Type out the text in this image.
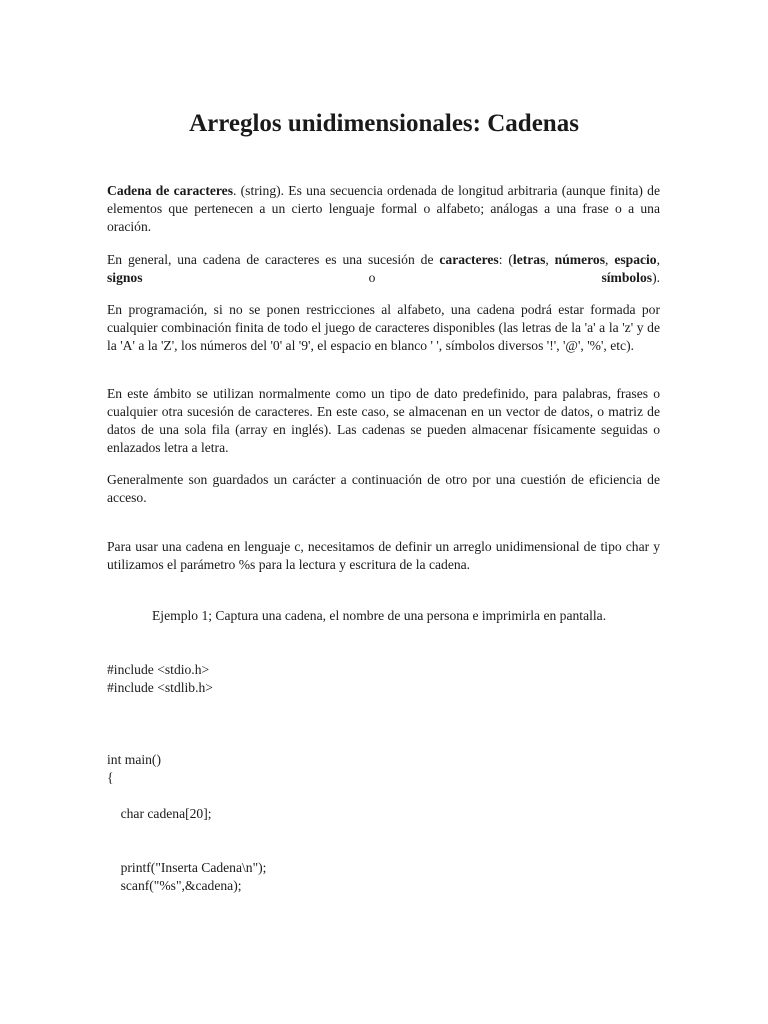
Arreglos unidimensionales: Cadenas

Cadena de caracteres. (string). Es una secuencia ordenada de longitud arbitraria (aunque finita) de elementos que pertenecen a un cierto lenguaje formal o alfabeto; análogas a una frase o a una oración.

En general, una cadena de caracteres es una sucesión de caracteres: (letras, números, espacio, signos o símbolos).

En programación, si no se ponen restricciones al alfabeto, una cadena podrá estar formada por cualquier combinación finita de todo el juego de caracteres disponibles (las letras de la 'a' a la 'z' y de la 'A' a la 'Z', los números del '0' al '9', el espacio en blanco ' ', símbolos diversos '!', '@', '%', etc).

En este ámbito se utilizan normalmente como un tipo de dato predefinido, para palabras, frases o cualquier otra sucesión de caracteres. En este caso, se almacenan en un vector de datos, o matriz de datos de una sola fila (array en inglés). Las cadenas se pueden almacenar físicamente seguidas o enlazados letra a letra.

Generalmente son guardados un carácter a continuación de otro por una cuestión de eficiencia de acceso.

Para usar una cadena en lenguaje c, necesitamos de definir un arreglo unidimensional de tipo char y utilizamos el parámetro %s para la lectura y escritura de la cadena.

Ejemplo 1; Captura una cadena, el nombre de una persona e imprimirla en pantalla.

#include <stdio.h>
#include <stdlib.h>
int main()
{
char cadena[20];
printf("Inserta Cadena\n");
scanf("%s",&cadena);
